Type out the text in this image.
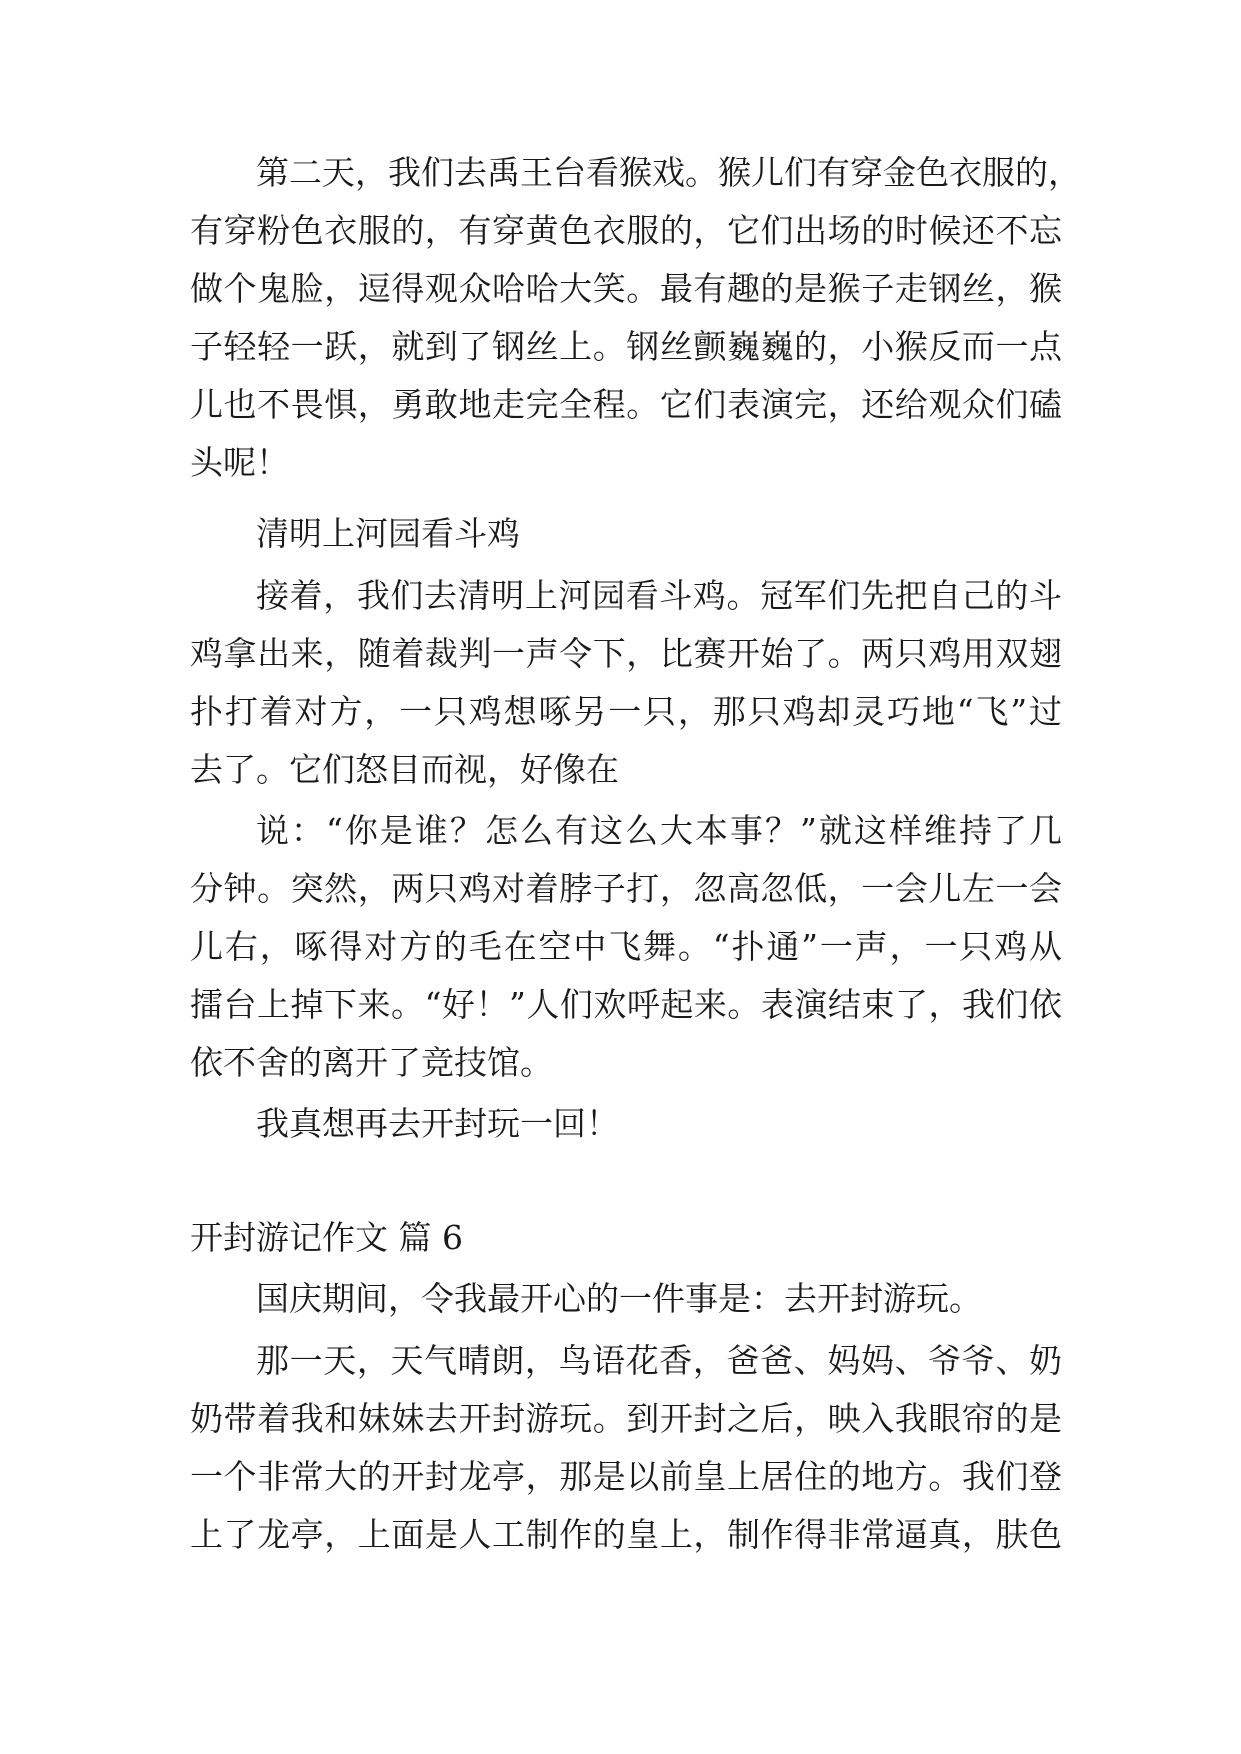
第二天，我们去禹王台看猴戏。猴儿们有穿金色衣服的，
有穿粉色衣服的，有穿黄色衣服的，它们出场的时候还不忘
做个鬼脸，逗得观众哈哈大笑。最有趣的是猴子走钢丝，猴
子轻轻一跃，就到了钢丝上。钢丝颤巍巍的，小猴反而一点
儿也不畏惧，勇敢地走完全程。它们表演完，还给观众们磕
头呢！
清明上河园看斗鸡
接着，我们去清明上河园看斗鸡。冠军们先把自己的斗
鸡拿出来，随着裁判一声令下，比赛开始了。两只鸡用双翅
扑打着对方，一只鸡想啄另一只，那只鸡却灵巧地“飞”过
去了。它们怒目而视，好像在
说：“你是谁？怎么有这么大本事？”就这样维持了几
分钟。突然，两只鸡对着脖子打，忽高忽低，一会儿左一会
儿右，啄得对方的毛在空中飞舞。“扑通”一声，一只鸡从
擂台上掉下来。“好！”人们欢呼起来。表演结束了，我们依
依不舍的离开了竞技馆。
我真想再去开封玩一回！
开封游记作文 篇 6
国庆期间，令我最开心的一件事是：去开封游玩。
那一天，天气晴朗，鸟语花香，爸爸、妈妈、爷爷、奶
奶带着我和妹妹去开封游玩。到开封之后，映入我眼帘的是
一个非常大的开封龙亭，那是以前皇上居住的地方。我们登
上了龙亭，上面是人工制作的皇上，制作得非常逼真，肤色
